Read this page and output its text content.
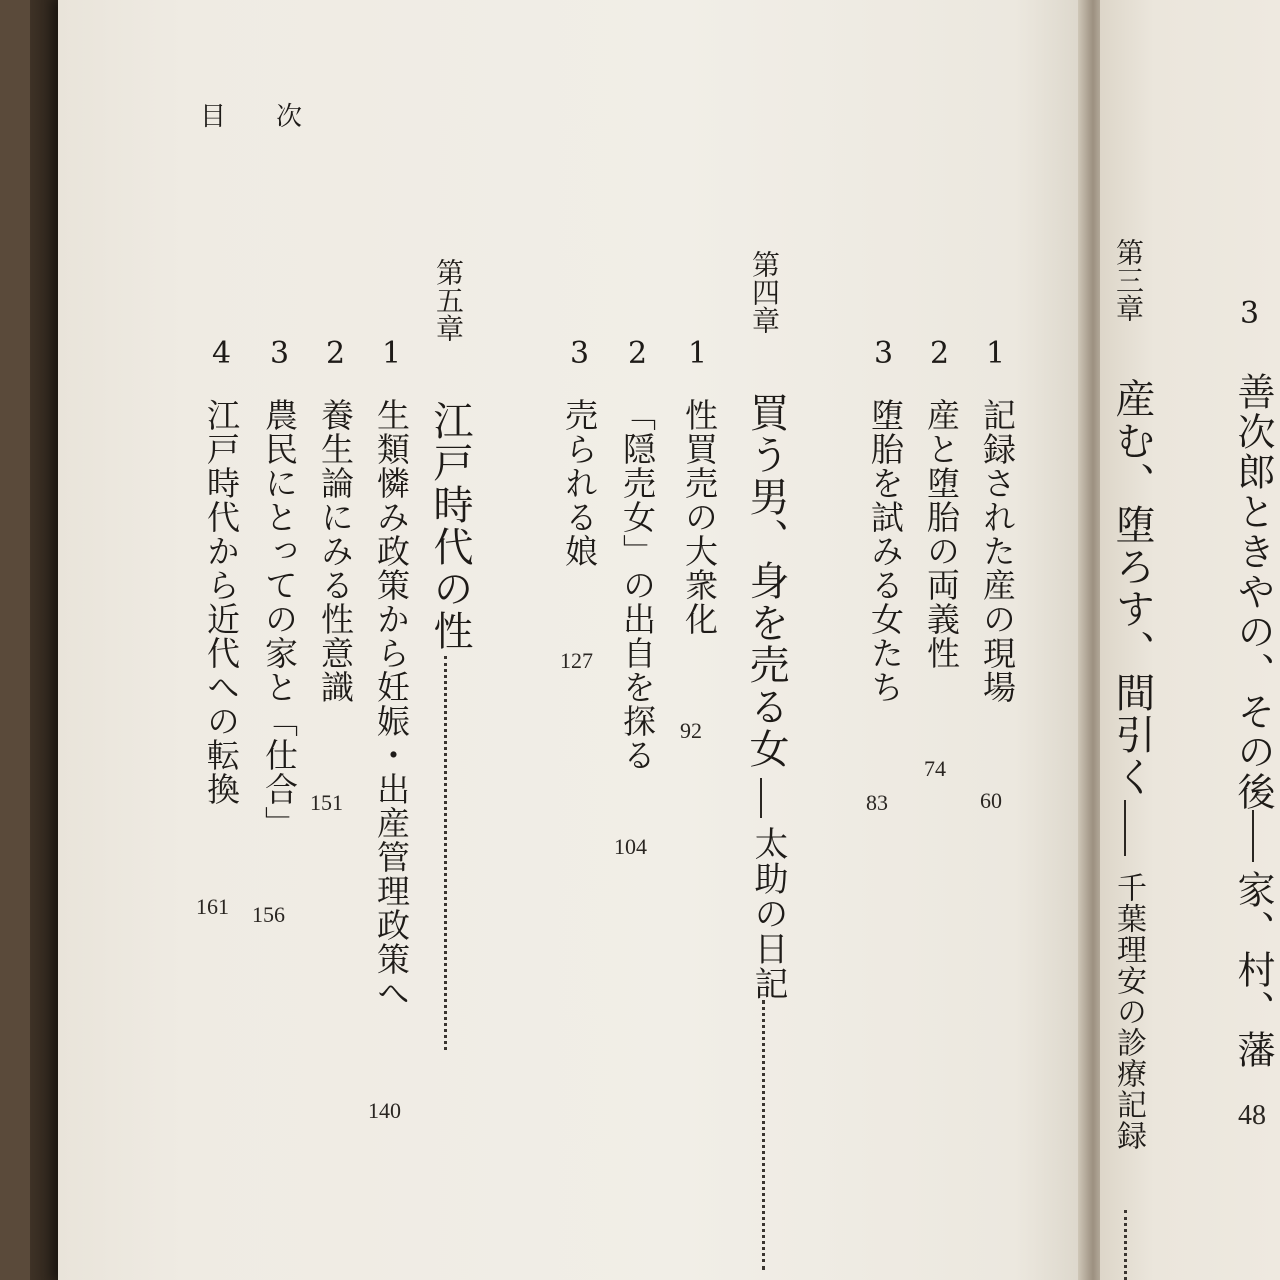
目　次
3
善次郎ときやの、その後
家、村、藩
48
第三章
産む、堕ろす、間引く
千葉理安の診療記録
1
記録された産の現場
60
2
産と堕胎の両義性
74
3
堕胎を試みる女たち
83
第四章
買う男、身を売る女
太助の日記
1
性買売の大衆化
92
2
「隠売女」の出自を探る
104
3
売られる娘
127
第五章
江戸時代の性
140
1
生類憐み政策から妊娠・出産管理政策へ
2
養生論にみる性意識
151
3
農民にとっての家と「仕合」
156
4
江戸時代から近代への転換
161
